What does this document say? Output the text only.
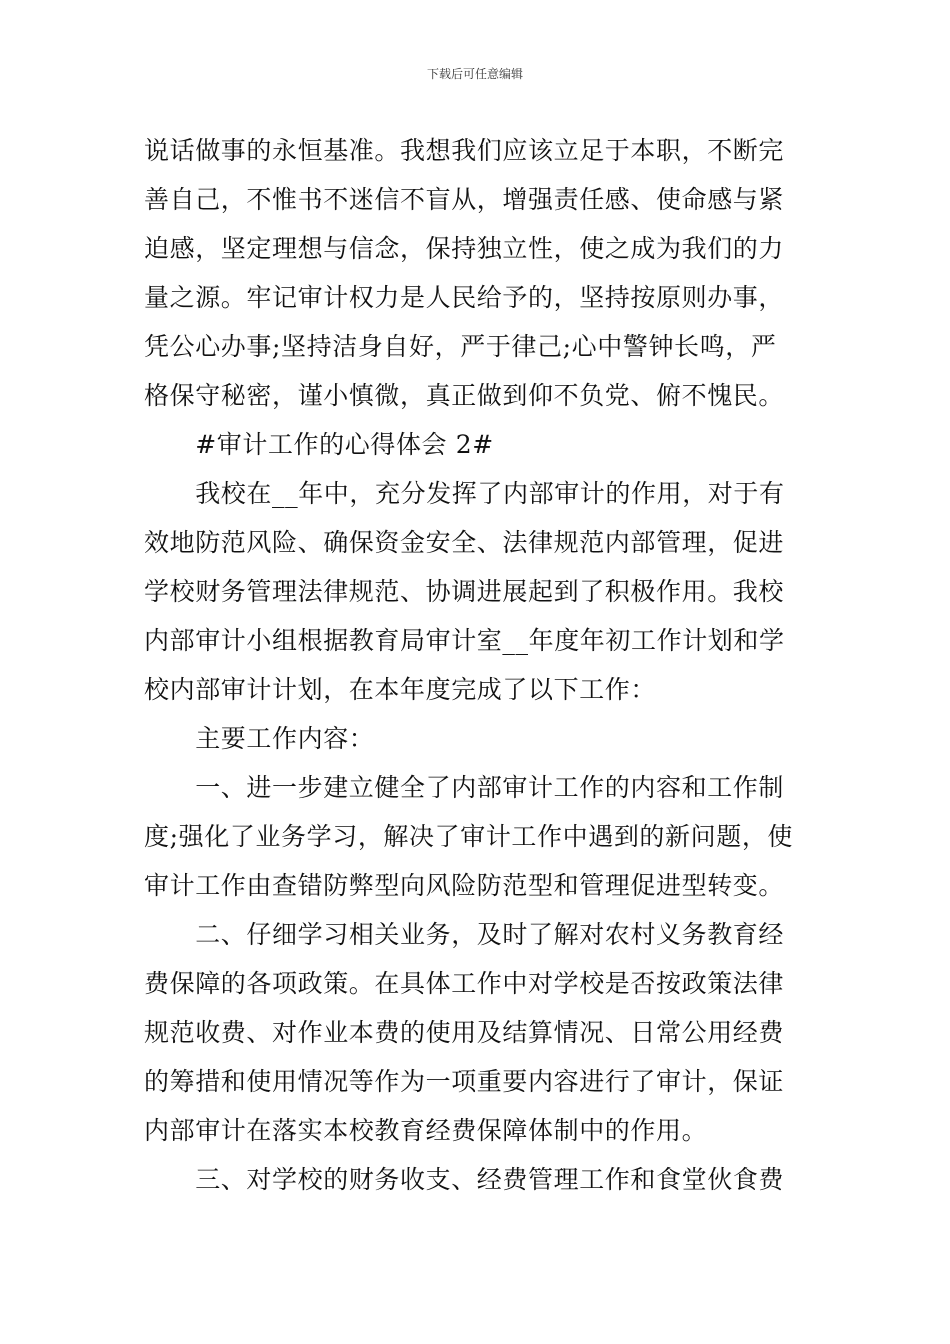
下载后可任意编辑
说话做事的永恒基准。我想我们应该立足于本职，不断完
善自己，不惟书不迷信不盲从，增强责任感、使命感与紧
迫感，坚定理想与信念，保持独立性，使之成为我们的力
量之源。牢记审计权力是人民给予的，坚持按原则办事，
凭公心办事;坚持洁身自好，严于律己;心中警钟长鸣，严
格保守秘密，谨小慎微，真正做到仰不负党、俯不愧民。
　　#审计工作的心得体会 2#
　　我校在__年中，充分发挥了内部审计的作用，对于有
效地防范风险、确保资金安全、法律规范内部管理，促进
学校财务管理法律规范、协调进展起到了积极作用。我校
内部审计小组根据教育局审计室__年度年初工作计划和学
校内部审计计划，在本年度完成了以下工作：
　　主要工作内容：
　　一、进一步建立健全了内部审计工作的内容和工作制
度;强化了业务学习，解决了审计工作中遇到的新问题，使
审计工作由查错防弊型向风险防范型和管理促进型转变。
　　二、仔细学习相关业务，及时了解对农村义务教育经
费保障的各项政策。在具体工作中对学校是否按政策法律
规范收费、对作业本费的使用及结算情况、日常公用经费
的筹措和使用情况等作为一项重要内容进行了审计，保证
内部审计在落实本校教育经费保障体制中的作用。
　　三、对学校的财务收支、经费管理工作和食堂伙食费
